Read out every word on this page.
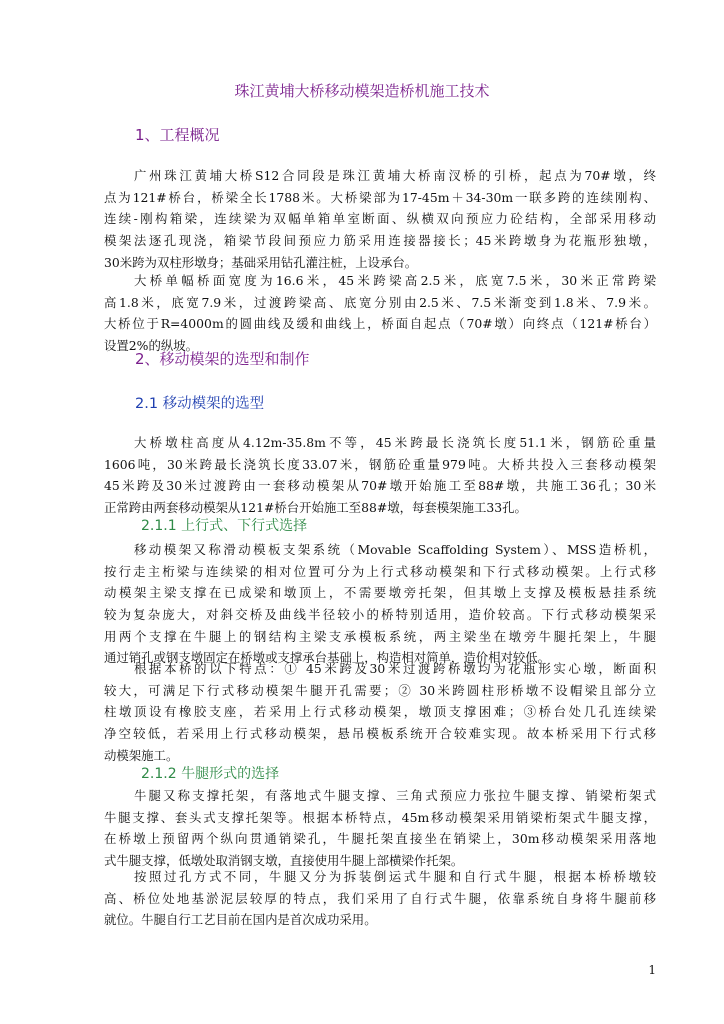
珠江黄埔大桥移动模架造桥机施工技术
1、工程概况
广州珠江黄埔大桥S12合同段是珠江黄埔大桥南汊桥的引桥，起点为70#墩，终
点为121#桥台，桥梁全长1788米。大桥梁部为17-45m＋34-30m一联多跨的连续刚构、
连续-刚构箱梁，连续梁为双幅单箱单室断面、纵横双向预应力砼结构，全部采用移动
模架法逐孔现浇，箱梁节段间预应力筋采用连接器接长；45米跨墩身为花瓶形独墩，
30米跨为双柱形墩身；基础采用钻孔灌注桩，上设承台。
大桥单幅桥面宽度为16.6米，45米跨梁高2.5米，底宽7.5米，30米正常跨梁
高1.8米，底宽7.9米，过渡跨梁高、底宽分别由2.5米、7.5米渐变到1.8米、7.9米。
大桥位于R=4000m的圆曲线及缓和曲线上，桥面自起点（70#墩）向终点（121#桥台）
设置2%的纵坡。
2、移动模架的选型和制作
2.1 移动模架的选型
大桥墩柱高度从4.12m-35.8m不等，45米跨最长浇筑长度51.1米，钢筋砼重量
1606吨，30米跨最长浇筑长度33.07米，钢筋砼重量979吨。大桥共投入三套移动模架
45米跨及30米过渡跨由一套移动模架从70#墩开始施工至88#墩，共施工36孔；30米
正常跨由两套移动模架从121#桥台开始施工至88#墩，每套模架施工33孔。
2.1.1 上行式、下行式选择
移动模架又称滑动模板支架系统（Movable Scaffolding System）、MSS造桥机，
按行走主桁梁与连续梁的相对位置可分为上行式移动模架和下行式移动模架。上行式移
动模架主梁支撑在已成梁和墩顶上，不需要墩旁托架，但其墩上支撑及模板悬挂系统
较为复杂庞大，对斜交桥及曲线半径较小的桥特别适用，造价较高。下行式移动模架采
用两个支撑在牛腿上的钢结构主梁支承模板系统，两主梁坐在墩旁牛腿托架上，牛腿
通过销孔或钢支墩固定在桥墩或支撑承台基础上，构造相对简单，造价相对较低。
根据本桥的以下特点：① 45米跨及30米过渡跨桥墩均为花瓶形实心墩，断面积
较大，可满足下行式移动模架牛腿开孔需要；② 30米跨圆柱形桥墩不设帽梁且部分立
柱墩顶设有橡胶支座，若采用上行式移动模架，墩顶支撑困难；③桥台处几孔连续梁
净空较低，若采用上行式移动模架，悬吊模板系统开合较难实现。故本桥采用下行式移
动模架施工。
2.1.2 牛腿形式的选择
牛腿又称支撑托架，有落地式牛腿支撑、三角式预应力张拉牛腿支撑、销梁桁架式
牛腿支撑、套头式支撑托架等。根据本桥特点，45m移动模架采用销梁桁架式牛腿支撑，
在桥墩上预留两个纵向贯通销梁孔，牛腿托架直接坐在销梁上，30m移动模架采用落地
式牛腿支撑，低墩处取消钢支墩，直接使用牛腿上部横梁作托架。
按照过孔方式不同，牛腿又分为拆装倒运式牛腿和自行式牛腿，根据本桥桥墩较
高、桥位处地基淤泥层较厚的特点，我们采用了自行式牛腿，依靠系统自身将牛腿前移
就位。牛腿自行工艺目前在国内是首次成功采用。

1
